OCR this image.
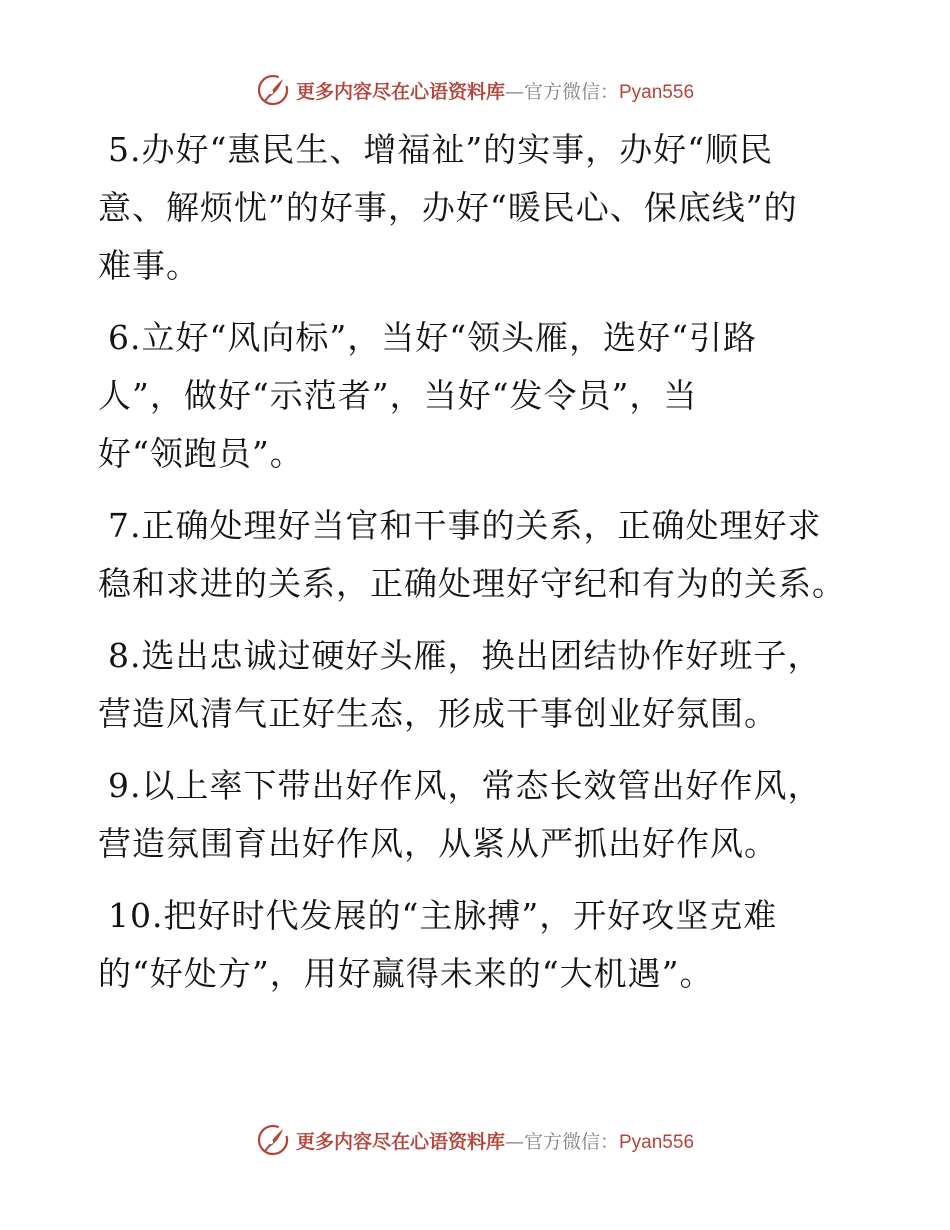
更多内容尽在心语资料库 — 官方微信： Pyan556

5.办好“惠民生、增福祉”的实事，办好“顺民
意、解烦忧”的好事，办好“暖民心、保底线”的
难事。

6.立好“风向标”，当好“领头雁，选好“引路
人”，做好“示范者”，当好“发令员”，当
好“领跑员”。

7.正确处理好当官和干事的关系，正确处理好求
稳和求进的关系，正确处理好守纪和有为的关系。

8.选出忠诚过硬好头雁，换出团结协作好班子，
营造风清气正好生态，形成干事创业好氛围。

9.以上率下带出好作风，常态长效管出好作风，
营造氛围育出好作风，从紧从严抓出好作风。

10.把好时代发展的“主脉搏”，开好攻坚克难
的“好处方”，用好赢得未来的“大机遇”。

更多内容尽在心语资料库 — 官方微信： Pyan556
